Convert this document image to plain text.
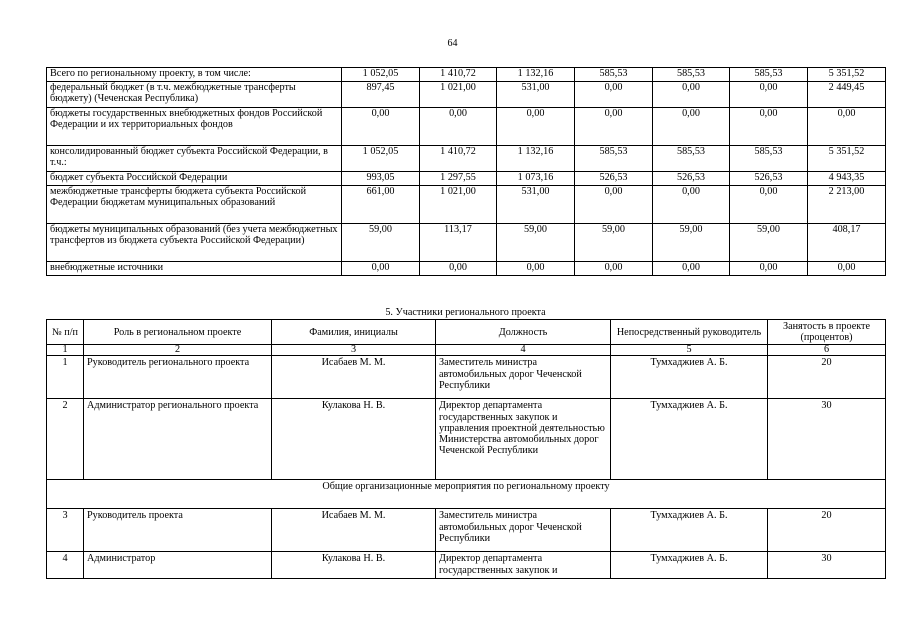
64
Всего по региональному проекту, в том числе:	1 052,05	1 410,72	1 132,16	585,53	585,53	585,53	5 351,52
федеральный бюджет (в т.ч. межбюджетные трансферты бюджету) (Чеченская Республика)	897,45	1 021,00	531,00	0,00	0,00	0,00	2 449,45
бюджеты государственных внебюджетных фондов Российской Федерации и их территориальных фондов	0,00	0,00	0,00	0,00	0,00	0,00	0,00
консолидированный бюджет субъекта Российской Федерации, в т.ч.:	1 052,05	1 410,72	1 132,16	585,53	585,53	585,53	5 351,52
бюджет субъекта Российской Федерации	993,05	1 297,55	1 073,16	526,53	526,53	526,53	4 943,35
межбюджетные трансферты бюджета субъекта Российской Федерации бюджетам муниципальных образований	661,00	1 021,00	531,00	0,00	0,00	0,00	2 213,00
бюджеты муниципальных образований (без учета межбюджетных трансфертов из бюджета субъекта Российской Федерации)	59,00	113,17	59,00	59,00	59,00	59,00	408,17
внебюджетные источники	0,00	0,00	0,00	0,00	0,00	0,00	0,00
5. Участники регионального проекта
№ п/п	Роль в региональном проекте	Фамилия, инициалы	Должность	Непосредственный руководитель	Занятость в проекте (процентов)
1	2	3	4	5	6
1	Руководитель регионального проекта	Исабаев М. М.	Заместитель министра автомобильных дорог Чеченской Республики	Тумхаджиев А. Б.	20
2	Администратор регионального проекта	Кулакова Н. В.	Директор департамента государственных закупок и управления проектной деятельностью Министерства автомобильных дорог Чеченской Республики	Тумхаджиев А. Б.	30
Общие организационные мероприятия по региональному проекту					
3	Руководитель проекта	Исабаев М. М.	Заместитель министра автомобильных дорог Чеченской Республики	Тумхаджиев А. Б.	20
4	Администратор	Кулакова Н. В.	Директор департамента государственных закупок и	Тумхаджиев А. Б.	30
